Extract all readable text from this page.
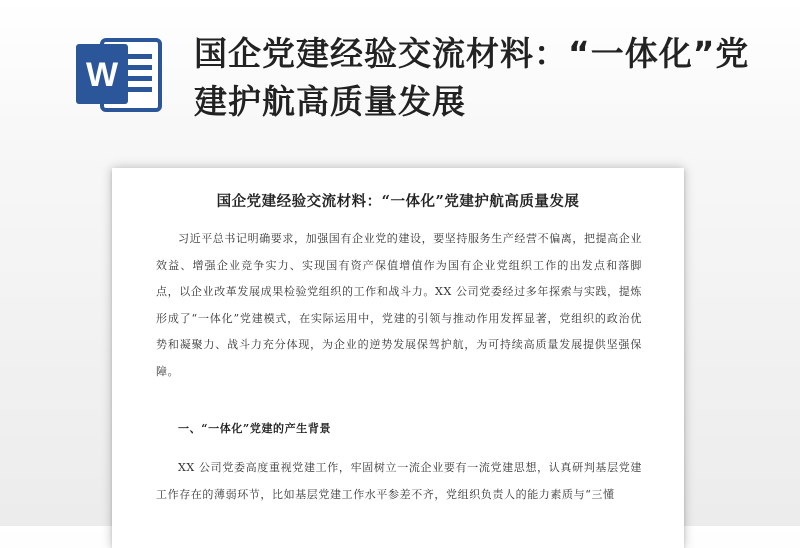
W
国企党建经验交流材料：“一体化”党建护航高质量发展
国企党建经验交流材料：“一体化”党建护航高质量发展

习近平总书记明确要求，加强国有企业党的建设，要坚持服务生产经营不偏离，把提高企业效益、增强企业竞争实力、实现国有资产保值增值作为国有企业党组织工作的出发点和落脚点，以企业改革发展成果检验党组织的工作和战斗力。XX 公司党委经过多年探索与实践，提炼形成了“一体化”党建模式，在实际运用中，党建的引领与推动作用发挥显著，党组织的政治优势和凝聚力、战斗力充分体现，为企业的逆势发展保驾护航，为可持续高质量发展提供坚强保障。

一、“一体化”党建的产生背景

XX 公司党委高度重视党建工作，牢固树立一流企业要有一流党建思想，认真研判基层党建工作存在的薄弱环节，比如基层党建工作水平参差不齐，党组织负责人的能力素质与“三懂
